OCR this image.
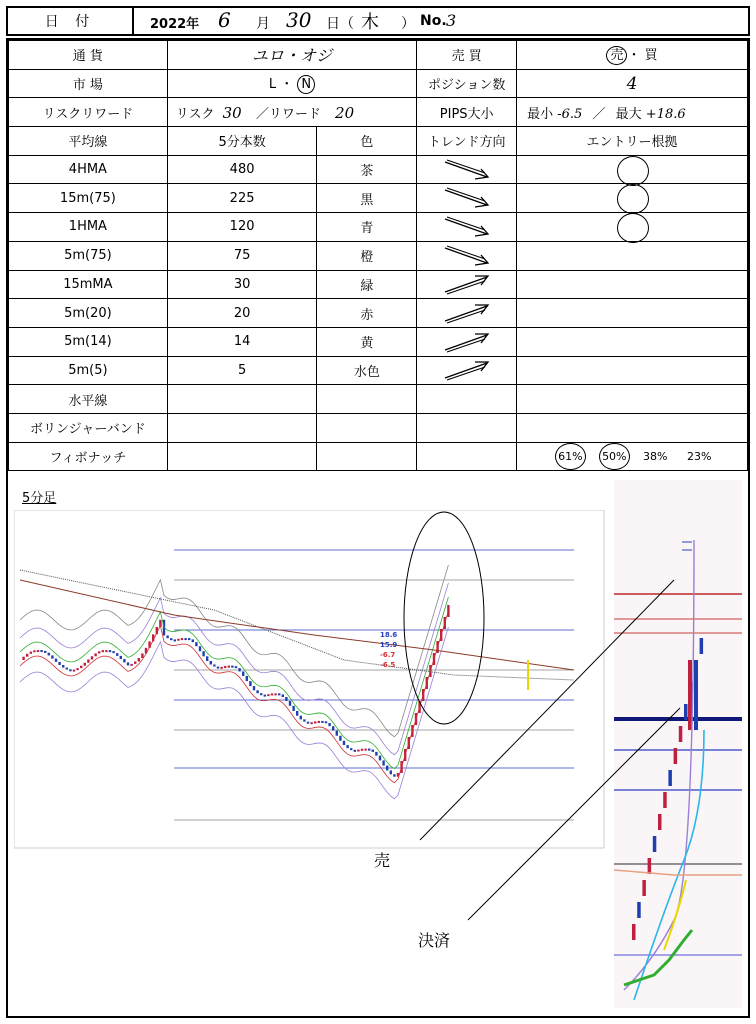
日 付	2022年 6 月 30 日（ 木 ） No. 3
通 貨	ユロ・オジ		売 買	売 ・ 買
市 場	L ・ N		ポジション数	4
リスクリワード	リスク 30 ／リワード 20		PIPS大小	最小 -6.5 ／ 最大 +18.6
平均線	5分本数	色	トレンド方向	エントリー根拠
4HMA	480	茶	

15m(75)	225	黒	

1HMA	120	青	

5m(75)	75	橙	

15mMA	30	緑	

5m(20)	20	赤	

5m(14)	14	黄	

5m(5)	5	水色	

水平線				
ボリンジャーバンド				
フィボナッチ				61% 50% 38% 23%
5分足
18.6
15.9
-6.7
-6.5
売
決済
